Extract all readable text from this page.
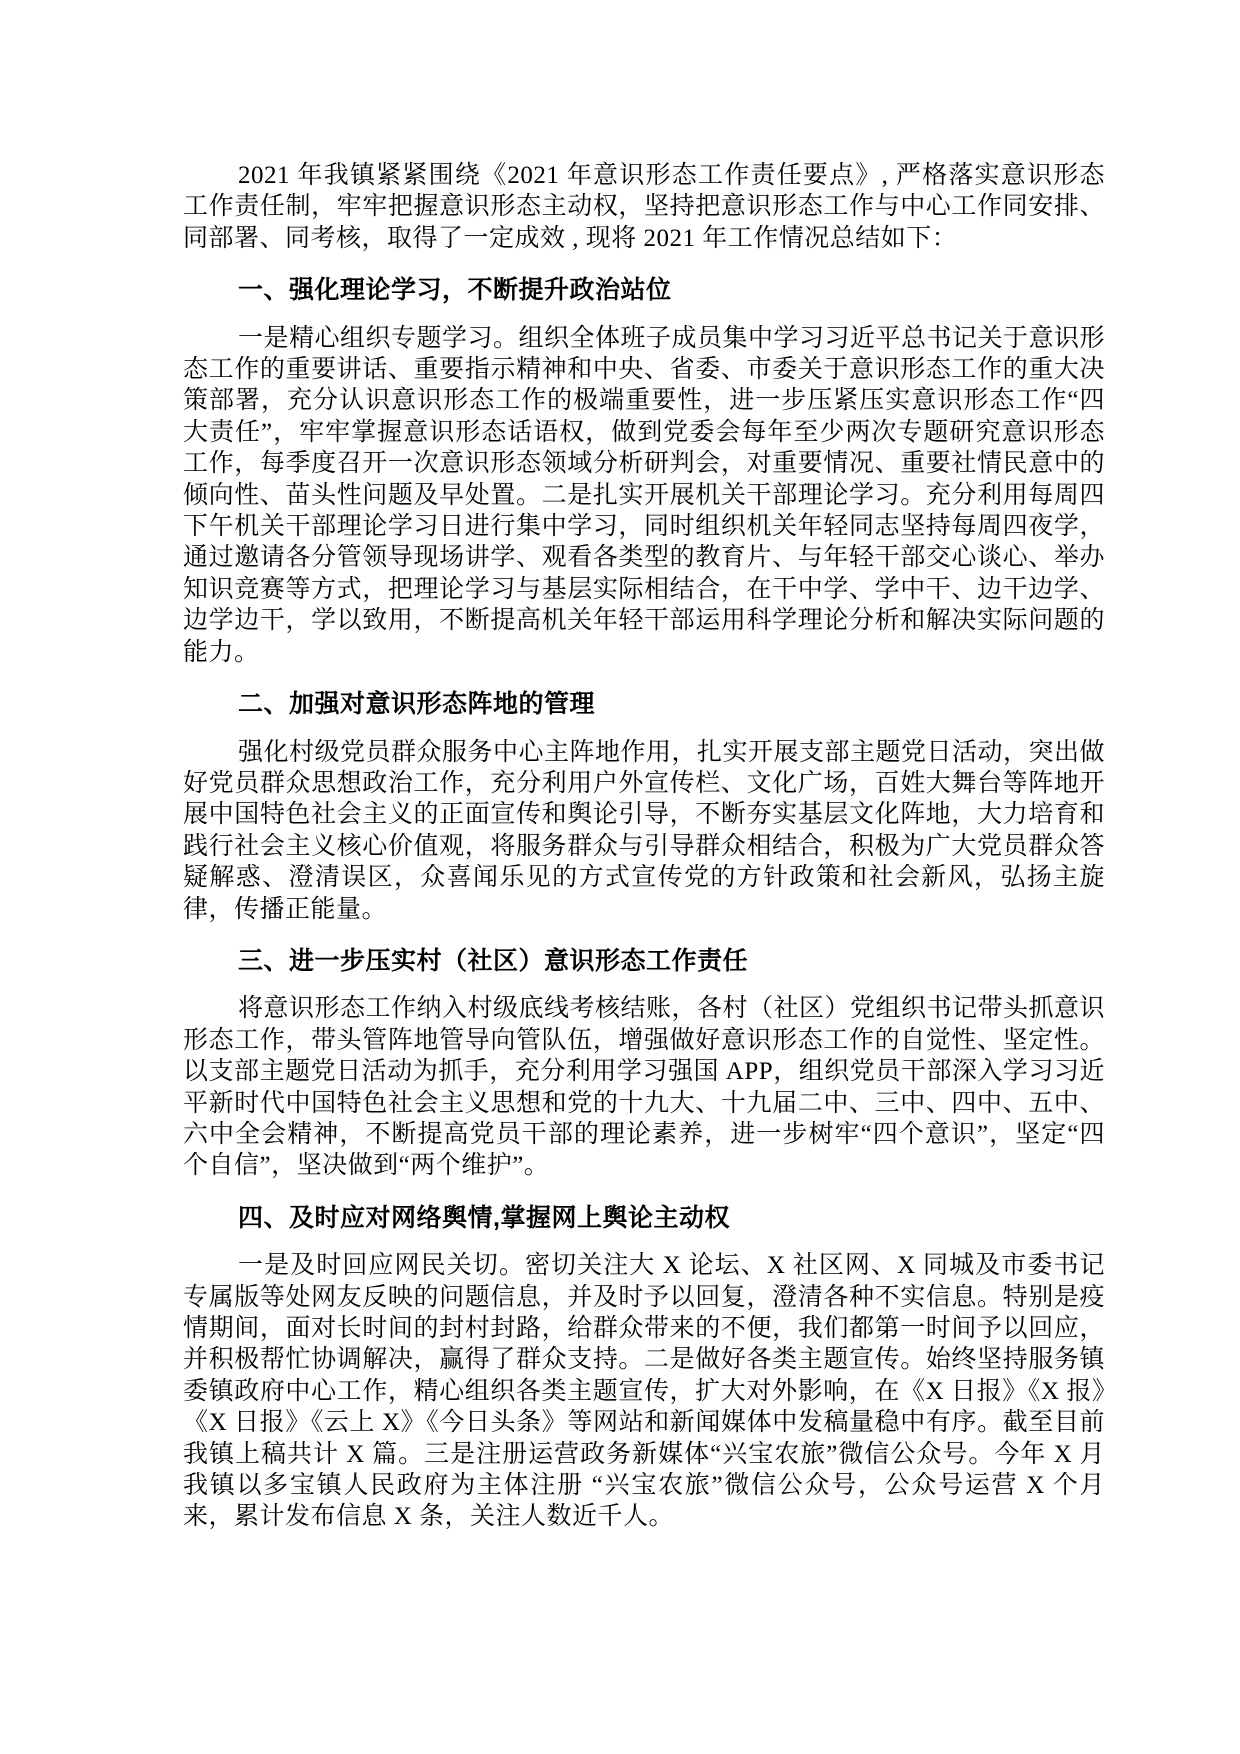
2021 年我镇紧紧围绕《2021 年意识形态工作责任要点》, 严格落实意识形态工作责任制，牢牢把握意识形态主动权，坚持把意识形态工作与中心工作同安排、同部署、同考核，取得了一定成效 , 现将 2021 年工作情况总结如下：

一、强化理论学习，不断提升政治站位

一是精心组织专题学习。组织全体班子成员集中学习习近平总书记关于意识形态工作的重要讲话、重要指示精神和中央、省委、市委关于意识形态工作的重大决策部署，充分认识意识形态工作的极端重要性，进一步压紧压实意识形态工作“四大责任”，牢牢掌握意识形态话语权，做到党委会每年至少两次专题研究意识形态工作，每季度召开一次意识形态领域分析研判会，对重要情况、重要社情民意中的倾向性、苗头性问题及早处置。二是扎实开展机关干部理论学习。充分利用每周四下午机关干部理论学习日进行集中学习，同时组织机关年轻同志坚持每周四夜学，通过邀请各分管领导现场讲学、观看各类型的教育片、与年轻干部交心谈心、举办知识竞赛等方式，把理论学习与基层实际相结合，在干中学、学中干、边干边学、边学边干，学以致用，不断提高机关年轻干部运用科学理论分析和解决实际问题的能力。

二、加强对意识形态阵地的管理

强化村级党员群众服务中心主阵地作用，扎实开展支部主题党日活动，突出做好党员群众思想政治工作，充分利用户外宣传栏、文化广场，百姓大舞台等阵地开展中国特色社会主义的正面宣传和舆论引导，不断夯实基层文化阵地，大力培育和践行社会主义核心价值观，将服务群众与引导群众相结合，积极为广大党员群众答疑解惑、澄清误区，众喜闻乐见的方式宣传党的方针政策和社会新风，弘扬主旋律，传播正能量。

三、进一步压实村（社区）意识形态工作责任

将意识形态工作纳入村级底线考核结账，各村（社区）党组织书记带头抓意识形态工作，带头管阵地管导向管队伍，增强做好意识形态工作的自觉性、坚定性。以支部主题党日活动为抓手，充分利用学习强国 APP，组织党员干部深入学习习近平新时代中国特色社会主义思想和党的十九大、十九届二中、三中、四中、五中、六中全会精神，不断提高党员干部的理论素养，进一步树牢“四个意识”，坚定“四个自信”，坚决做到“两个维护”。

四、及时应对网络舆情,掌握网上舆论主动权

一是及时回应网民关切。密切关注大 X 论坛、X 社区网、X 同城及市委书记专属版等处网友反映的问题信息，并及时予以回复，澄清各种不实信息。特别是疫情期间，面对长时间的封村封路，给群众带来的不便，我们都第一时间予以回应，并积极帮忙协调解决，赢得了群众支持。二是做好各类主题宣传。始终坚持服务镇委镇政府中心工作，精心组织各类主题宣传，扩大对外影响，在《X 日报》《X 报》《X 日报》《云上 X》《今日头条》等网站和新闻媒体中发稿量稳中有序。截至目前我镇上稿共计 X 篇。三是注册运营政务新媒体“兴宝农旅”微信公众号。今年 X 月我镇以多宝镇人民政府为主体注册 “兴宝农旅”微信公众号，公众号运营 X 个月来，累计发布信息 X 条，关注人数近千人。
